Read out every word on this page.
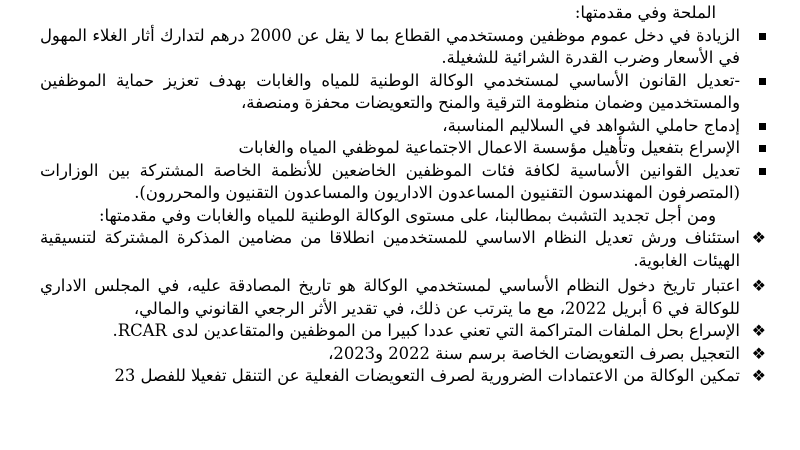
الملحة وفي مقدمتها:
الزيادة في دخل عموم موظفين ومستخدمي القطاع بما لا يقل عن 2000 درهم لتدارك أثار الغلاء المهول في الأسعار وضرب القدرة الشرائية للشغيلة.
-تعديل القانون الأساسي لمستخدمي الوكالة الوطنية للمياه والغابات بهدف تعزيز حماية الموظفين والمستخدمين وضمان منظومة الترقية والمنح والتعويضات محفزة ومنصفة،
إدماج حاملي الشواهد في السلاليم المناسبة،
الإسراع بتفعيل وتأهيل مؤسسة الاعمال الاجتماعية لموظفي المياه والغابات
تعديل القوانين الأساسية لكافة فئات الموظفين الخاضعين للأنظمة الخاصة المشتركة بين الوزارات (المتصرفون المهندسون التقنيون المساعدون الاداريون والمساعدون التقنيون والمحررون).
ومن أجل تجديد التشبث بمطالبنا، على مستوى الوكالة الوطنية للمياه والغابات وفي مقدمتها:
❖
استئناف ورش تعديل النظام الاساسي للمستخدمين انطلاقا من مضامين المذكرة المشتركة لتنسيقية الهيئات الغابوية.
❖
اعتبار تاريخ دخول النظام الأساسي لمستخدمي الوكالة هو تاريخ المصادقة عليه، في المجلس الاداري للوكالة في 6 أبريل 2022، مع ما يترتب عن ذلك، في تقدير الأثر الرجعي القانوني والمالي،
❖
الإسراع بحل الملفات المتراكمة التي تعني عددا كبيرا من الموظفين والمتقاعدين لدى RCAR.
❖
التعجيل بصرف التعويضات الخاصة برسم سنة 2022 و2023،
❖
تمكين الوكالة من الاعتمادات الضرورية لصرف التعويضات الفعلية عن التنقل تفعيلا للفصل 23
